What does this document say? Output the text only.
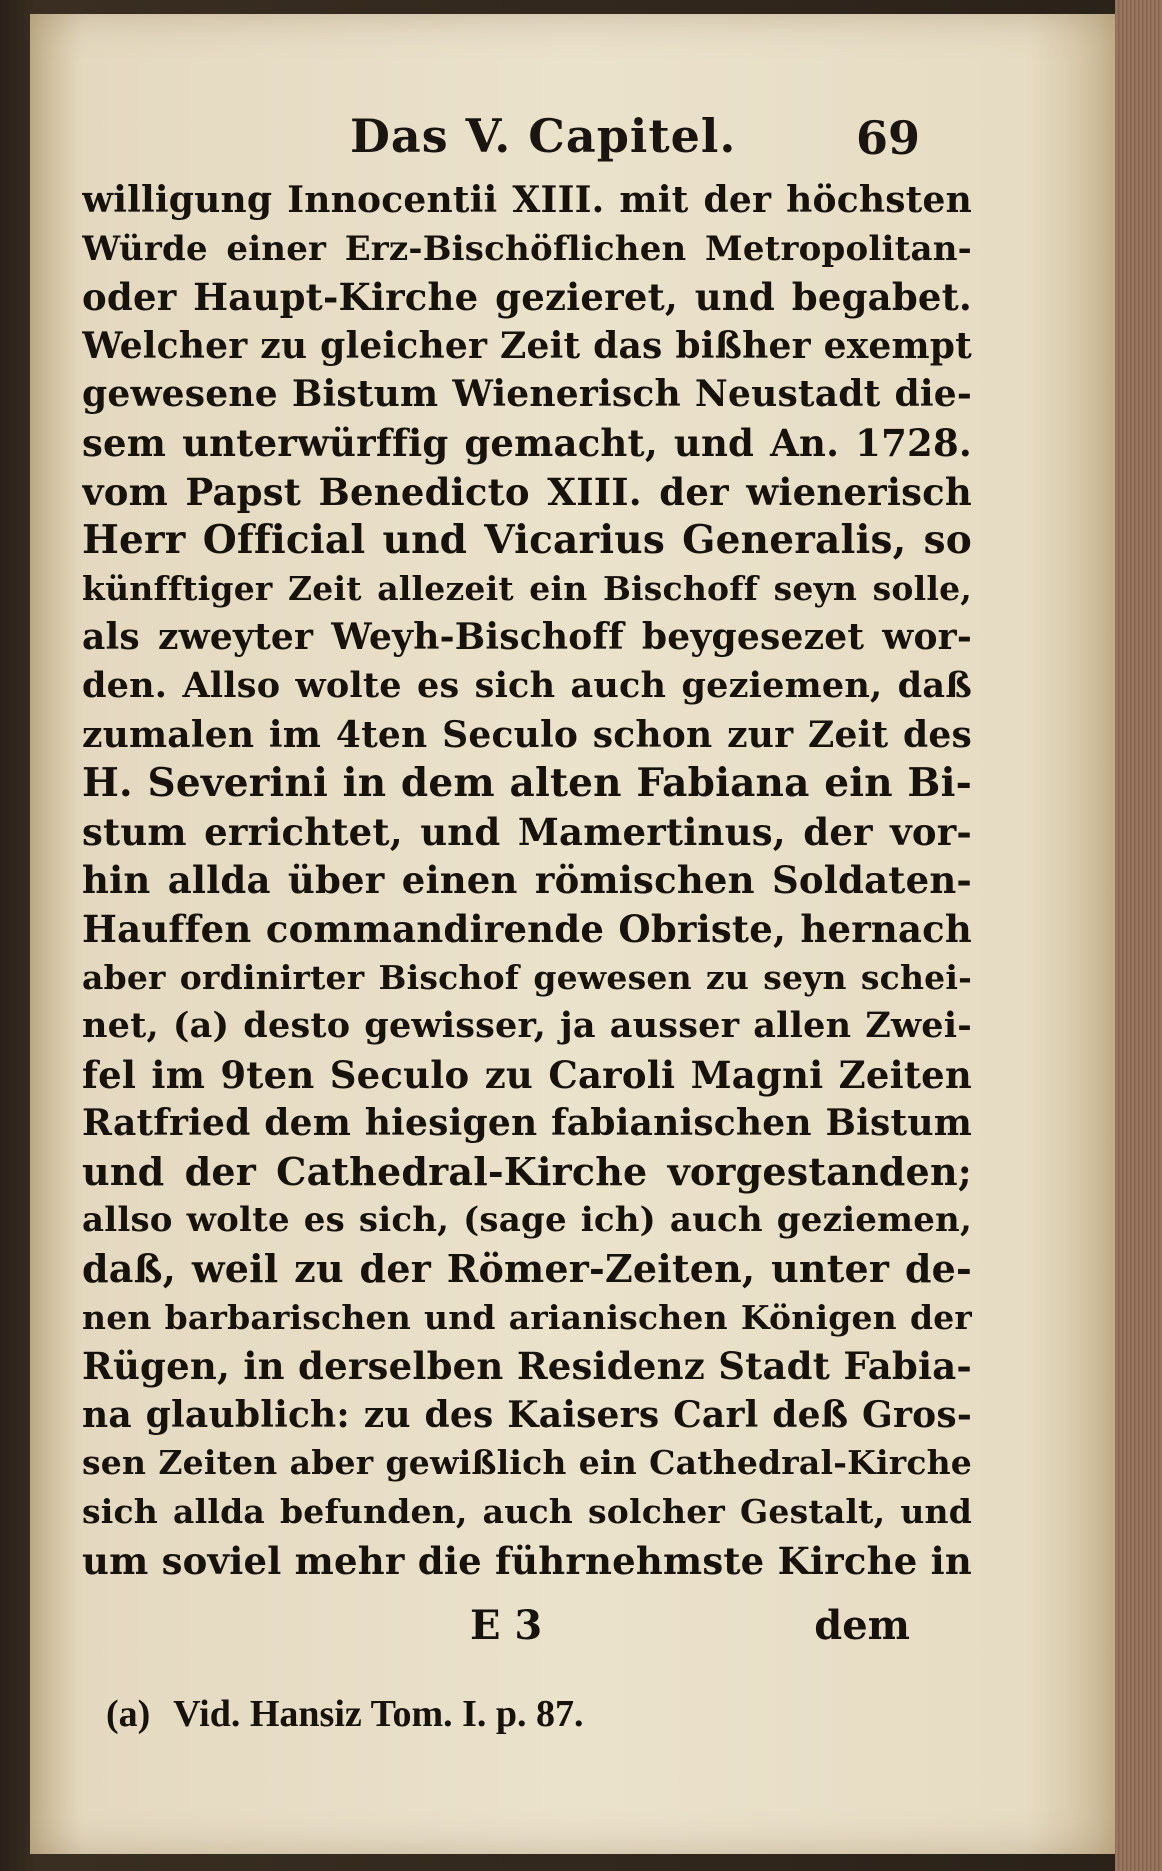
Das V. Capitel.	69
willigung Innocentii XIII. mit der höchsten
Würde einer Erz-Bischöflichen Metropolitan-
oder Haupt-Kirche gezieret, und begabet.
Welcher zu gleicher Zeit das bißher exempt
gewesene Bistum Wienerisch Neustadt die-
sem unterwürffig gemacht, und An. 1728.
vom Papst Benedicto XIII. der wienerisch
Herr Official und Vicarius Generalis, so
künfftiger Zeit allezeit ein Bischoff seyn solle,
als zweyter Weyh-Bischoff beygesezet wor-
den. Allso wolte es sich auch geziemen, daß
zumalen im 4ten Seculo schon zur Zeit des
H. Severini in dem alten Fabiana ein Bi-
stum errichtet, und Mamertinus, der vor-
hin allda über einen römischen Soldaten-
Hauffen commandirende Obriste, hernach
aber ordinirter Bischof gewesen zu seyn schei-
net, (a) desto gewisser, ja ausser allen Zwei-
fel im 9ten Seculo zu Caroli Magni Zeiten
Ratfried dem hiesigen fabianischen Bistum
und der Cathedral-Kirche vorgestanden;
allso wolte es sich, (sage ich) auch geziemen,
daß, weil zu der Römer-Zeiten, unter de-
nen barbarischen und arianischen Königen der
Rügen, in derselben Residenz Stadt Fabia-
na glaublich: zu des Kaisers Carl deß Gros-
sen Zeiten aber gewißlich ein Cathedral-Kirche
sich allda befunden, auch solcher Gestalt, und
um soviel mehr die führnehmste Kirche in
E 3	dem
(a) Vid. Hansiz Tom. I. p. 87.
